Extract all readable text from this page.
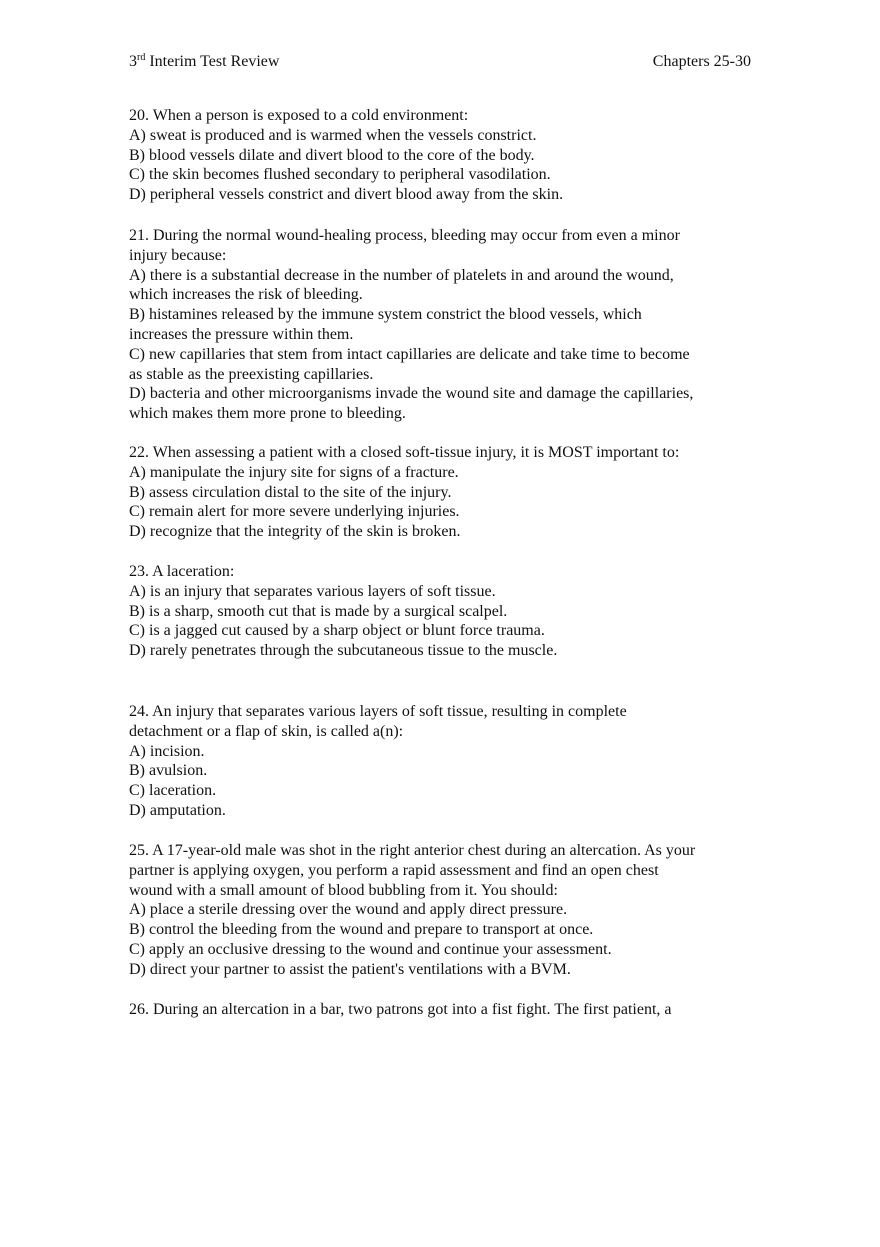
3rd Interim Test Review	Chapters 25-30
20. When a person is exposed to a cold environment:
A) sweat is produced and is warmed when the vessels constrict.
B) blood vessels dilate and divert blood to the core of the body.
C) the skin becomes flushed secondary to peripheral vasodilation.
D) peripheral vessels constrict and divert blood away from the skin.
21. During the normal wound-healing process, bleeding may occur from even a minor
injury because:
A) there is a substantial decrease in the number of platelets in and around the wound,
which increases the risk of bleeding.
B) histamines released by the immune system constrict the blood vessels, which
increases the pressure within them.
C) new capillaries that stem from intact capillaries are delicate and take time to become
as stable as the preexisting capillaries.
D) bacteria and other microorganisms invade the wound site and damage the capillaries,
which makes them more prone to bleeding.
22. When assessing a patient with a closed soft-tissue injury, it is MOST important to:
A) manipulate the injury site for signs of a fracture.
B) assess circulation distal to the site of the injury.
C) remain alert for more severe underlying injuries.
D) recognize that the integrity of the skin is broken.
23. A laceration:
A) is an injury that separates various layers of soft tissue.
B) is a sharp, smooth cut that is made by a surgical scalpel.
C) is a jagged cut caused by a sharp object or blunt force trauma.
D) rarely penetrates through the subcutaneous tissue to the muscle.
24. An injury that separates various layers of soft tissue, resulting in complete
detachment or a flap of skin, is called a(n):
A) incision.
B) avulsion.
C) laceration.
D) amputation.
25. A 17-year-old male was shot in the right anterior chest during an altercation. As your
partner is applying oxygen, you perform a rapid assessment and find an open chest
wound with a small amount of blood bubbling from it. You should:
A) place a sterile dressing over the wound and apply direct pressure.
B) control the bleeding from the wound and prepare to transport at once.
C) apply an occlusive dressing to the wound and continue your assessment.
D) direct your partner to assist the patient's ventilations with a BVM.
26. During an altercation in a bar, two patrons got into a fist fight. The first patient, a
